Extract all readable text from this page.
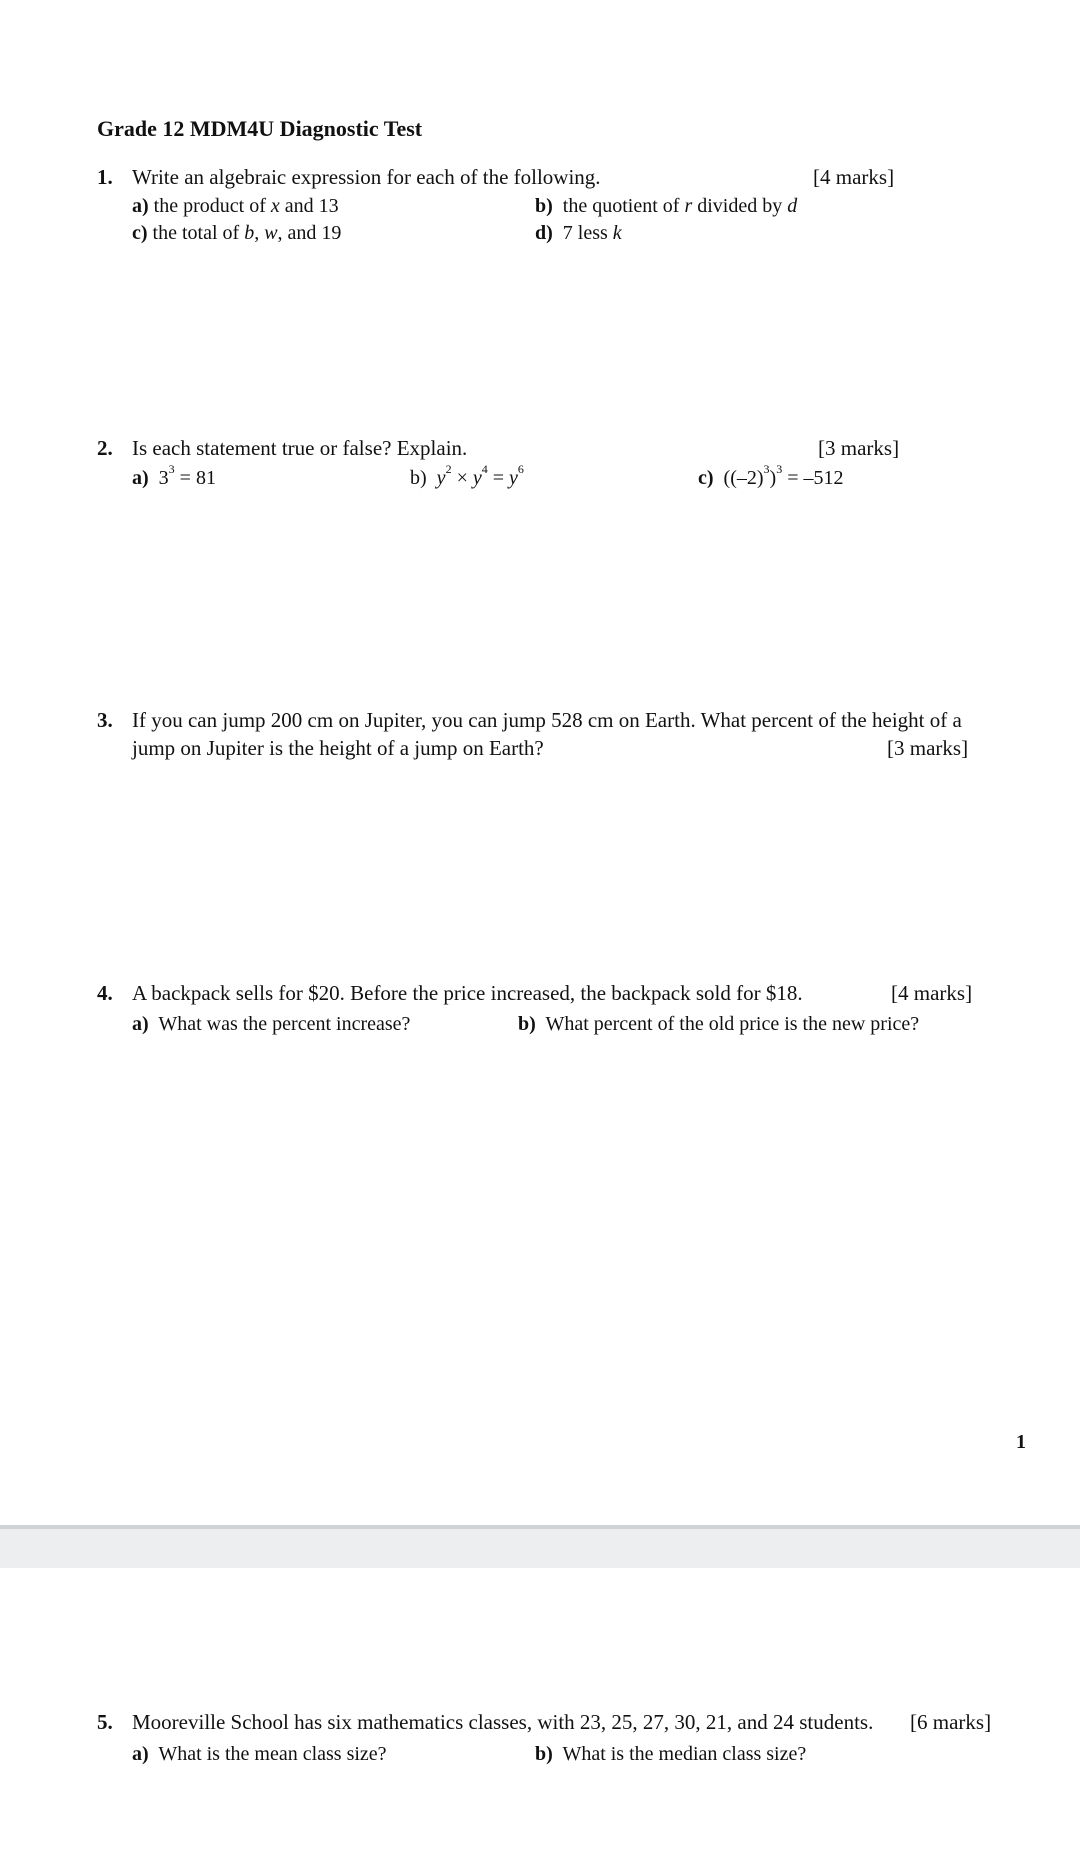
Grade 12 MDM4U Diagnostic Test
1. Write an algebraic expression for each of the following.	[4 marks]
a) the product of x and 13	b) the quotient of r divided by d
c) the total of b, w, and 19	d) 7 less k
2. Is each statement true or false? Explain.	[3 marks]
a) $3^3 = 81$	b) $y^2 \times y^4 = y^6$	c) $((-2)^3)^3 = -512$
3. If you can jump 200 cm on Jupiter, you can jump 528 cm on Earth. What percent of the height of a
jump on Jupiter is the height of a jump on Earth?	[3 marks]
4. A backpack sells for $20. Before the price increased, the backpack sold for $18.	[4 marks]
a) What was the percent increase?	b) What percent of the old price is the new price?
1
5. Mooreville School has six mathematics classes, with 23, 25, 27, 30, 21, and 24 students. [6 marks]
a) What is the mean class size?	b) What is the median class size?
